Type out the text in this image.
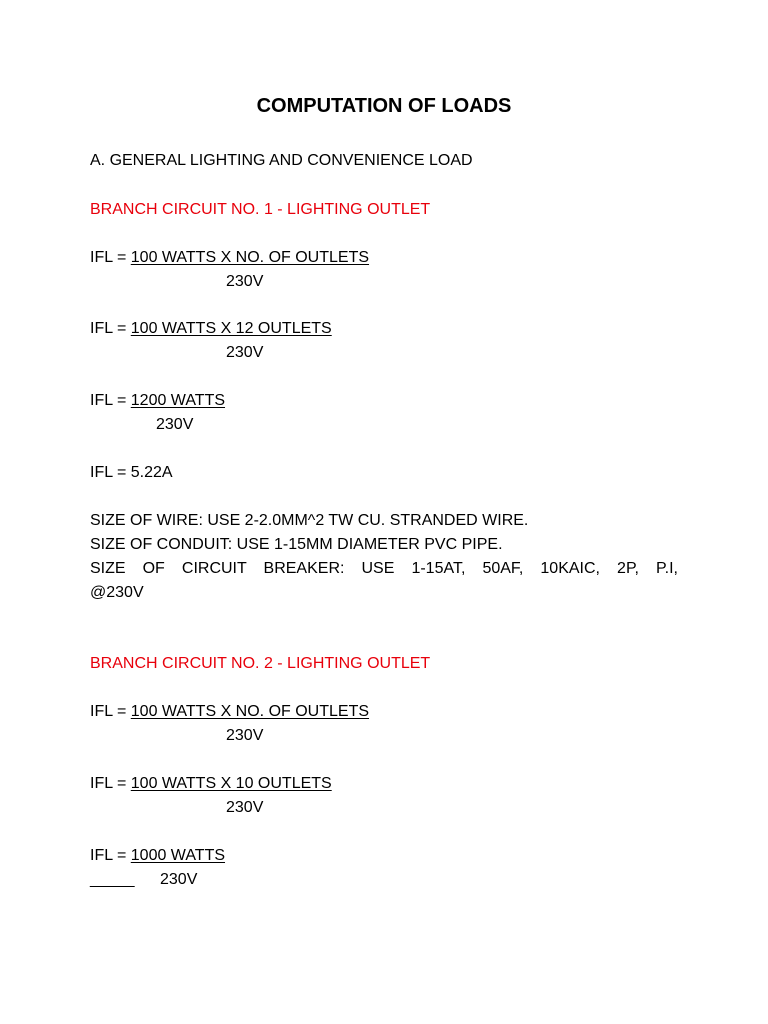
COMPUTATION OF LOADS
A. GENERAL LIGHTING AND CONVENIENCE LOAD
BRANCH CIRCUIT NO. 1 - LIGHTING OUTLET
IFL = 100 WATTS X NO. OF OUTLETS
230V
IFL = 100 WATTS X 12 OUTLETS
230V
IFL = 1200 WATTS
230V
IFL = 5.22A
SIZE OF WIRE: USE 2-2.0MM^2 TW CU. STRANDED WIRE.
SIZE OF CONDUIT: USE 1-15MM DIAMETER PVC PIPE.
SIZE OF CIRCUIT BREAKER: USE 1-15AT, 50AF, 10KAIC, 2P, P.I,
@230V
BRANCH CIRCUIT NO. 2 - LIGHTING OUTLET
IFL = 100 WATTS X NO. OF OUTLETS
230V
IFL = 100 WATTS X 10 OUTLETS
230V
IFL = 1000 WATTS
_____ 230V
